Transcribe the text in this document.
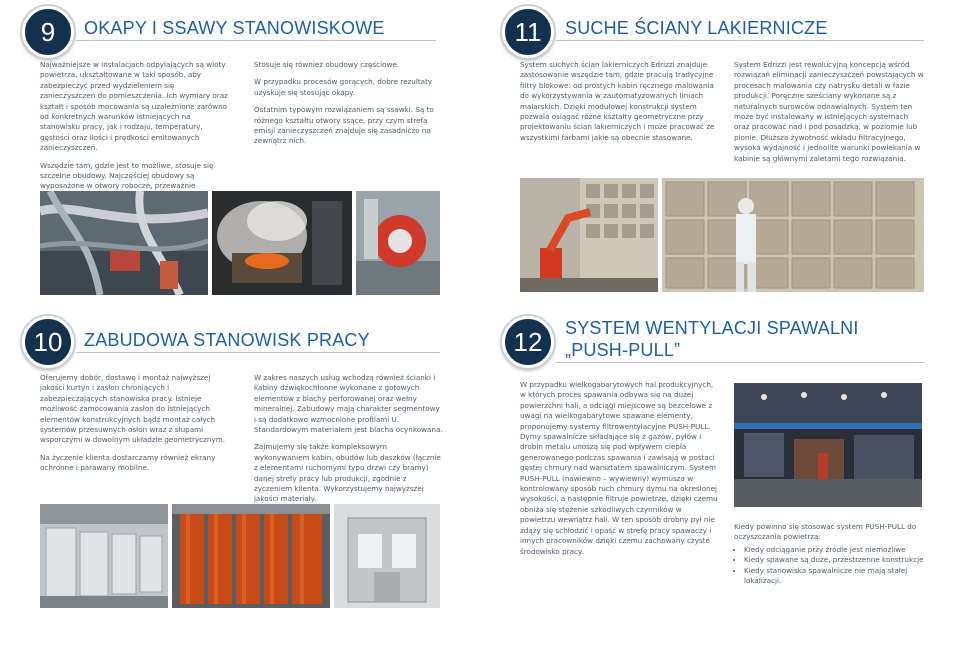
9	OKAPY I SSAWY STANOWISKOWE

Najważniejsze w instalacjach odpylających są wloty powietrza, ukształtowane w taki sposób, aby zabezpieczyć przed wydzieleniem się zanieczyszczeń do pomieszczenia. Ich wymiary oraz kształt i sposób mocowania są uzależnione zarówno od konkretnych warunków istniejących na stanowisku pracy, jak i rodzaju, temperatury, gęstości oraz ilości i prędkości emitowanych zanieczyszczeń.

Wszędzie tam, gdzie jest to możliwe, stosuje się szczelne obudowy. Najczęściej obudowy są wyposażone w otwory robocze, przeważnie

Stosuje się również obudowy częściowe.

W przypadku procesów gorących, dobre rezultaty uzyskuje się stosując okapy.

Ostatnim typowym rozwiązaniem są ssawki. Są to różnego kształtu otwory ssące, przy czym strefa emisji zanieczyszczeń znajduje się zasadniczo na zewnątrz nich.

11	SUCHE ŚCIANY LAKIERNICZE

System suchych ścian lakierniczych Edrizzi znajduje zastosowanie wszędzie tam, gdzie pracują tradycyjne filtry blokowe: od prostych kabin ręcznego malowania do wykorzystywania w zautomatyzowanych liniach malarskich. Dzięki modułowej konstrukcji system pozwala osiągać różne kształty geometryczne przy projektowaniu ścian lakierniczych i może pracować ze wszystkimi farbami jakie są obecnie stasowane.

System Edrizzi jest rewolucyjną koncepcją wśród rozwiązań eliminacji zanieczyszczeń powstających w procesach malowania czy natrysku detali w fazie produkcji. Poręczne sześciany wykonane są z naturalnych surowców odnawialnych. System ten może być instalowany w istniejących systemach oraz pracować nad i pod posadzką, w poziomie lub pionie. Dłuższa żywotność wkładu filtracyjnego, wysoka wydajność i jednolite warunki powlekania w kabinie są głównymi zaletami tego rozwiązania.

10	ZABUDOWA STANOWISK PRACY

Oferujemy dobór, dostawę i montaż najwyższej jakości kurtyn i zasłon chroniących i zabezpieczających stanowiska pracy. Istnieje możliwość zamocowania zasłon do istniejących elementów konstrukcyjnych bądź montaż całych systemów przesuwnych osłon wraz z słupami wsporczymi w dowolnym układzie geometrycznym.

Na życzenie klienta dostarczamy również ekrany ochronne i parawany mobilne.

W zakres naszych usług wchodzą również ścianki i kabiny dźwiękochłonne wykonane z gotowych elementów z blachy perforowanej oraz wełny mineralnej. Zabudowy mają charakter segmentowy i są dodatkowo wzmocnione profilami U. Standardowym materiałem jest blacha ocynkowana.

Zajmujemy się także kompleksowym wykonywaniem kabin, obudów lub daszków (łącznie z elementami ruchomymi typu drzwi czy bramy) danej strefy pracy lub produkcji, zgodnie z życzeniem klienta. Wykorzystujemy najwyższej jakości materiały.

12	SYSTEM WENTYLACJI SPAWALNI
„PUSH-PULL”

W przypadku wielkogabarytowych hal produkcyjnych, w których proces spawania odbywa się na dużej powierzchni hali, a odciągi miejscowe są bezcelowe z uwagi na wielkogabarytowe spawane elementy, proponujemy systemy filtrowentylacyjne PUSH-PULL. Dymy spawalnicze składające się z gazów, pyłów i drobin metalu unoszą się pod wpływem ciepła generowanego podczas spawania i zawisają w postaci gęstej chmury nad warsztatem spawalniczym. System PUSH-PULL (nawiewno – wywiewny) wymusza w kontrolowany sposób ruch chmury dymu na określonej wysokości, a następnie filtruje powietrze, dzięki czemu obniża się stężenie szkodliwych czynników w powietrzu wewnątrz hali. W ten sposób drobny pył nie zdąży się schłodzić i opaść w strefę pracy spawaczy i innych pracowników dzięki czemu zachowany czyste środowisko pracy.

Kiedy powinno się stosować system PUSH-PULL do oczyszczania powietrza:

• Kiedy odciąganie przy źródle jest niemożliwe
• Kiedy spawane są duże, przestrzenne konstrukcje
• Kiedy stanowiska spawalnicze nie mają stałej lokalizacji.
